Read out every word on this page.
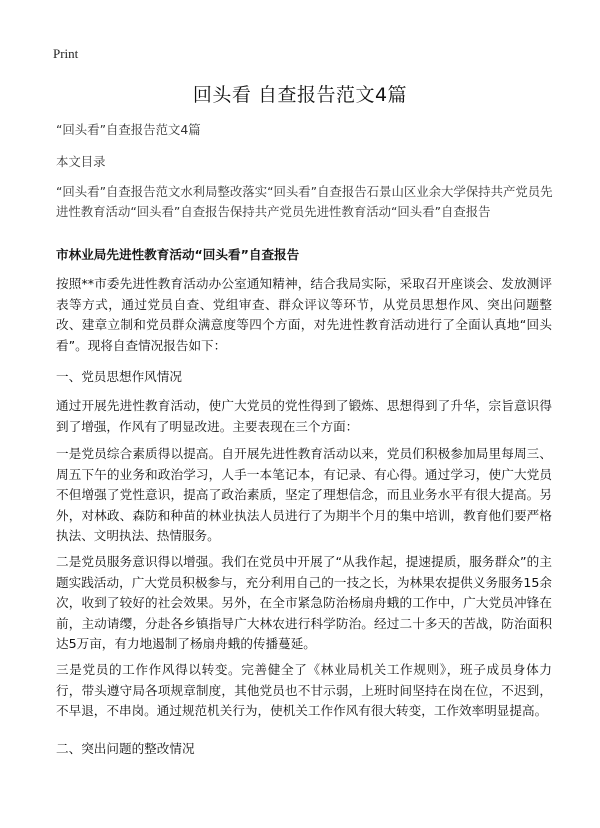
Print
回头看 自查报告范文4篇
“回头看”自查报告范文4篇
本文目录
“回头看”自查报告范文水利局整改落实“回头看”自查报告石景山区业余大学保持共产党员先进性教育活动“回头看”自查报告保持共产党员先进性教育活动“回头看”自查报告
市林业局先进性教育活动“回头看”自查报告
按照**市委先进性教育活动办公室通知精神，结合我局实际，采取召开座谈会、发放测评表等方式，通过党员自查、党组审查、群众评议等环节，从党员思想作风、突出问题整改、建章立制和党员群众满意度等四个方面，对先进性教育活动进行了全面认真地“回头看”。现将自查情况报告如下：
一、党员思想作风情况
通过开展先进性教育活动，使广大党员的党性得到了锻炼、思想得到了升华，宗旨意识得到了增强，作风有了明显改进。主要表现在三个方面：
一是党员综合素质得以提高。自开展先进性教育活动以来，党员们积极参加局里每周三、周五下午的业务和政治学习，人手一本笔记本，有记录、有心得。通过学习，使广大党员不但增强了党性意识，提高了政治素质，坚定了理想信念，而且业务水平有很大提高。另外，对林政、森防和种苗的林业执法人员进行了为期半个月的集中培训，教育他们要严格执法、文明执法、热情服务。
二是党员服务意识得以增强。我们在党员中开展了“从我作起，提速提质，服务群众”的主题实践活动，广大党员积极参与，充分利用自己的一技之长，为林果农提供义务服务15余次，收到了较好的社会效果。另外，在全市紧急防治杨扇舟蛾的工作中，广大党员冲锋在前，主动请缨，分赴各乡镇指导广大林农进行科学防治。经过二十多天的苦战，防治面积达5万亩，有力地遏制了杨扇舟蛾的传播蔓延。
三是党员的工作作风得以转变。完善健全了《林业局机关工作规则》，班子成员身体力行，带头遵守局各项规章制度，其他党员也不甘示弱，上班时间坚持在岗在位，不迟到，不早退，不串岗。通过规范机关行为，使机关工作作风有很大转变，工作效率明显提高。
二、突出问题的整改情况
